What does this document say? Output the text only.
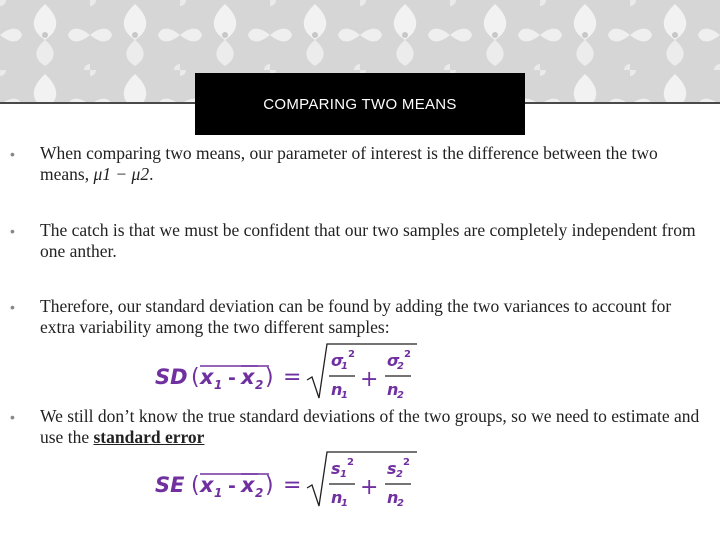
COMPARING TWO MEANS
• When comparing two means, our parameter of interest is the difference between the two means, μ1 − μ2.
• The catch is that we must be confident that our two samples are completely independent from one anther.
• Therefore, our standard deviation can be found by adding the two variances to account for extra variability among the two different samples:
SD ( x 1 - x 2 ) =
σ
1
2
n
1
+
σ
2
2
n
2
• We still don’t know the true standard deviations of the two groups, so we need to estimate and use the standard error
SE ( x 1 - x 2 ) =
s 1
2
n
1
+
s 2
2
n
2
